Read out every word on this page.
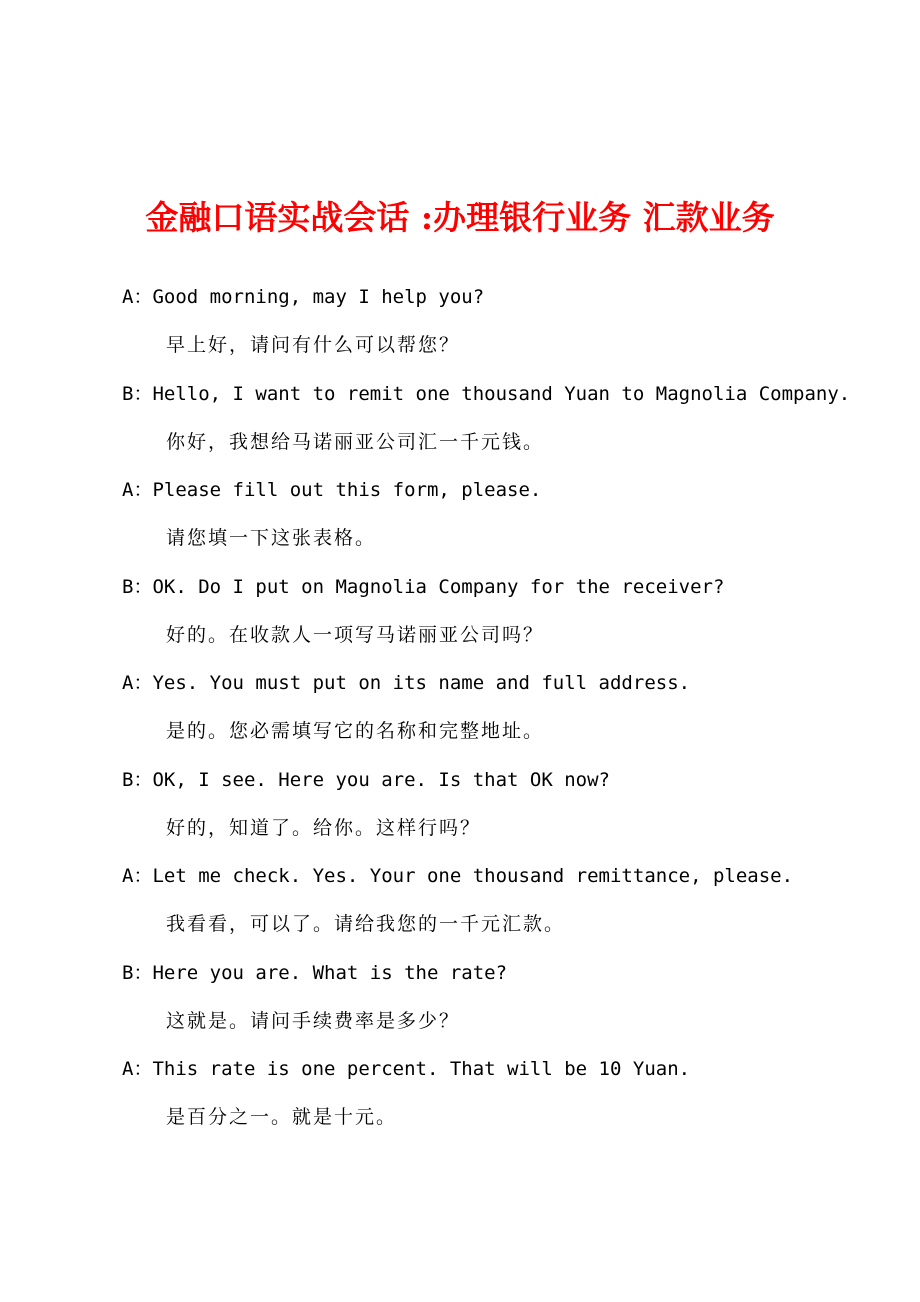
金融口语实战会话 :办理银行业务 汇款业务
A：Good morning, may I help you?
早上好，请问有什么可以帮您？
B：Hello, I want to remit one thousand Yuan to Magnolia Company.
你好，我想给马诺丽亚公司汇一千元钱。
A：Please fill out this form, please.
请您填一下这张表格。
B：OK. Do I put on Magnolia Company for the receiver?
好的。在收款人一项写马诺丽亚公司吗？
A：Yes. You must put on its name and full address.
是的。您必需填写它的名称和完整地址。
B：OK, I see. Here you are. Is that OK now?
好的，知道了。给你。这样行吗？
A：Let me check. Yes. Your one thousand remittance, please.
我看看，可以了。请给我您的一千元汇款。
B：Here you are. What is the rate?
这就是。请问手续费率是多少？
A：This rate is one percent. That will be 10 Yuan.
是百分之一。就是十元。
